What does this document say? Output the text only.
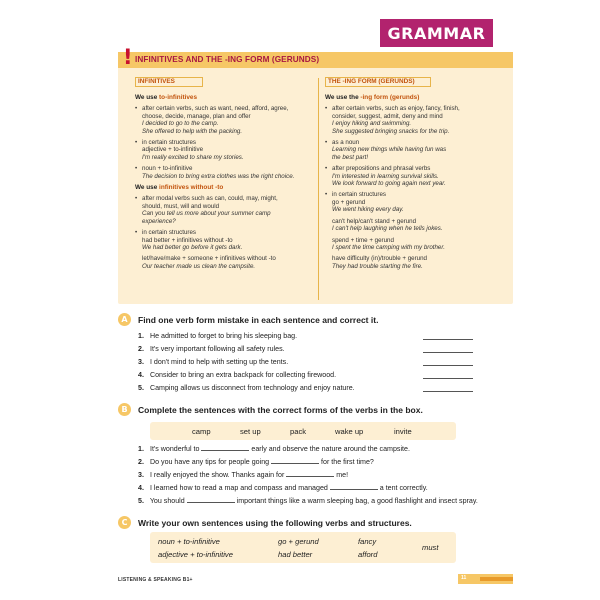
GRAMMAR
! INFINITIVES AND THE -ING FORM (GERUNDS)
INFINITIVES
We use to-infinitives
• after certain verbs, such as want, need, afford, agree,
choose, decide, manage, plan and offer
I decided to go to the camp.
She offered to help with the packing.
• in certain structures
adjective + to-infinitive
I'm really excited to share my stories.
• noun + to-infinitive
The decision to bring extra clothes was the right choice.
We use infinitives without -to
• after modal verbs such as can, could, may, might,
should, must, will and would
Can you tell us more about your summer camp
experience?
• in certain structures
had better + infinitives without -to
We had better go before it gets dark.
let/have/make + someone + infinitives without -to
Our teacher made us clean the campsite.
THE -ING FORM (GERUNDS)
We use the -ing form (gerunds)
• after certain verbs, such as enjoy, fancy, finish,
consider, suggest, admit, deny and mind
I enjoy hiking and swimming.
She suggested bringing snacks for the trip.
• as a noun
Learning new things while having fun was
the best part!
• after prepositions and phrasal verbs
I'm interested in learning survival skills.
We look forward to going again next year.
• in certain structures
go + gerund
We went hiking every day.
can't help/can't stand + gerund
I can't help laughing when he tells jokes.
spend + time + gerund
I spent the time camping with my brother.
have difficulty (in)/trouble + gerund
They had trouble starting the fire.
A	Find one verb form mistake in each sentence and correct it.
1. He admitted to forget to bring his sleeping bag.
2. It's very important following all safety rules.
3. I don't mind to help with setting up the tents.
4. Consider to bring an extra backpack for collecting firewood.
5. Camping allows us disconnect from technology and enjoy nature.
B	Complete the sentences with the correct forms of the verbs in the box.
camp	set up	pack	wake up	invite
1. It's wonderful to	early and observe the nature around the campsite.
2. Do you have any tips for people going	for the first time?
3. I really enjoyed the show. Thanks again for	me!
4. I learned how to read a map and compass and managed	a tent correctly.
5. You should	important things like a warm sleeping bag, a good flashlight and insect spray.
C	Write your own sentences using the following verbs and structures.
noun + to-infinitive
adjective + to-infinitive
go + gerund
had better
fancy
afford
must
LISTENING & SPEAKING B1+	11
